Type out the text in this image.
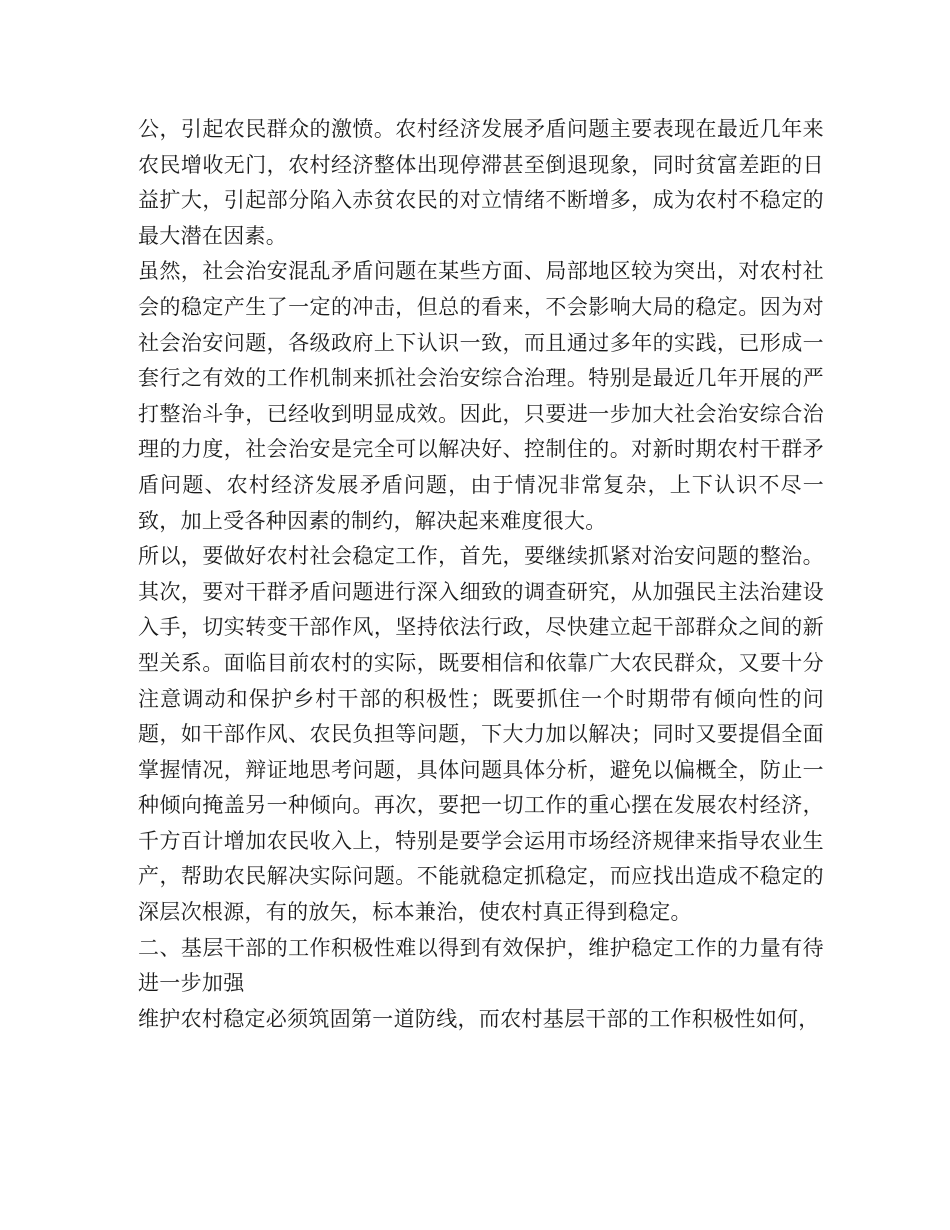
公，引起农民群众的激愤。农村经济发展矛盾问题主要表现在最近几年来农民增收无门，农村经济整体出现停滞甚至倒退现象，同时贫富差距的日益扩大，引起部分陷入赤贫农民的对立情绪不断增多，成为农村不稳定的最大潜在因素。

虽然，社会治安混乱矛盾问题在某些方面、局部地区较为突出，对农村社会的稳定产生了一定的冲击，但总的看来，不会影响大局的稳定。因为对社会治安问题，各级政府上下认识一致，而且通过多年的实践，已形成一套行之有效的工作机制来抓社会治安综合治理。特别是最近几年开展的严打整治斗争，已经收到明显成效。因此，只要进一步加大社会治安综合治理的力度，社会治安是完全可以解决好、控制住的。对新时期农村干群矛盾问题、农村经济发展矛盾问题，由于情况非常复杂，上下认识不尽一致，加上受各种因素的制约，解决起来难度很大。

所以，要做好农村社会稳定工作，首先，要继续抓紧对治安问题的整治。其次，要对干群矛盾问题进行深入细致的调查研究，从加强民主法治建设入手，切实转变干部作风，坚持依法行政，尽快建立起干部群众之间的新型关系。面临目前农村的实际，既要相信和依靠广大农民群众，又要十分注意调动和保护乡村干部的积极性；既要抓住一个时期带有倾向性的问题，如干部作风、农民负担等问题，下大力加以解决；同时又要提倡全面掌握情况，辩证地思考问题，具体问题具体分析，避免以偏概全，防止一种倾向掩盖另一种倾向。再次，要把一切工作的重心摆在发展农村经济，千方百计增加农民收入上，特别是要学会运用市场经济规律来指导农业生产，帮助农民解决实际问题。不能就稳定抓稳定，而应找出造成不稳定的深层次根源，有的放矢，标本兼治，使农村真正得到稳定。

二、基层干部的工作积极性难以得到有效保护，维护稳定工作的力量有待进一步加强

维护农村稳定必须筑固第一道防线，而农村基层干部的工作积极性如何，
